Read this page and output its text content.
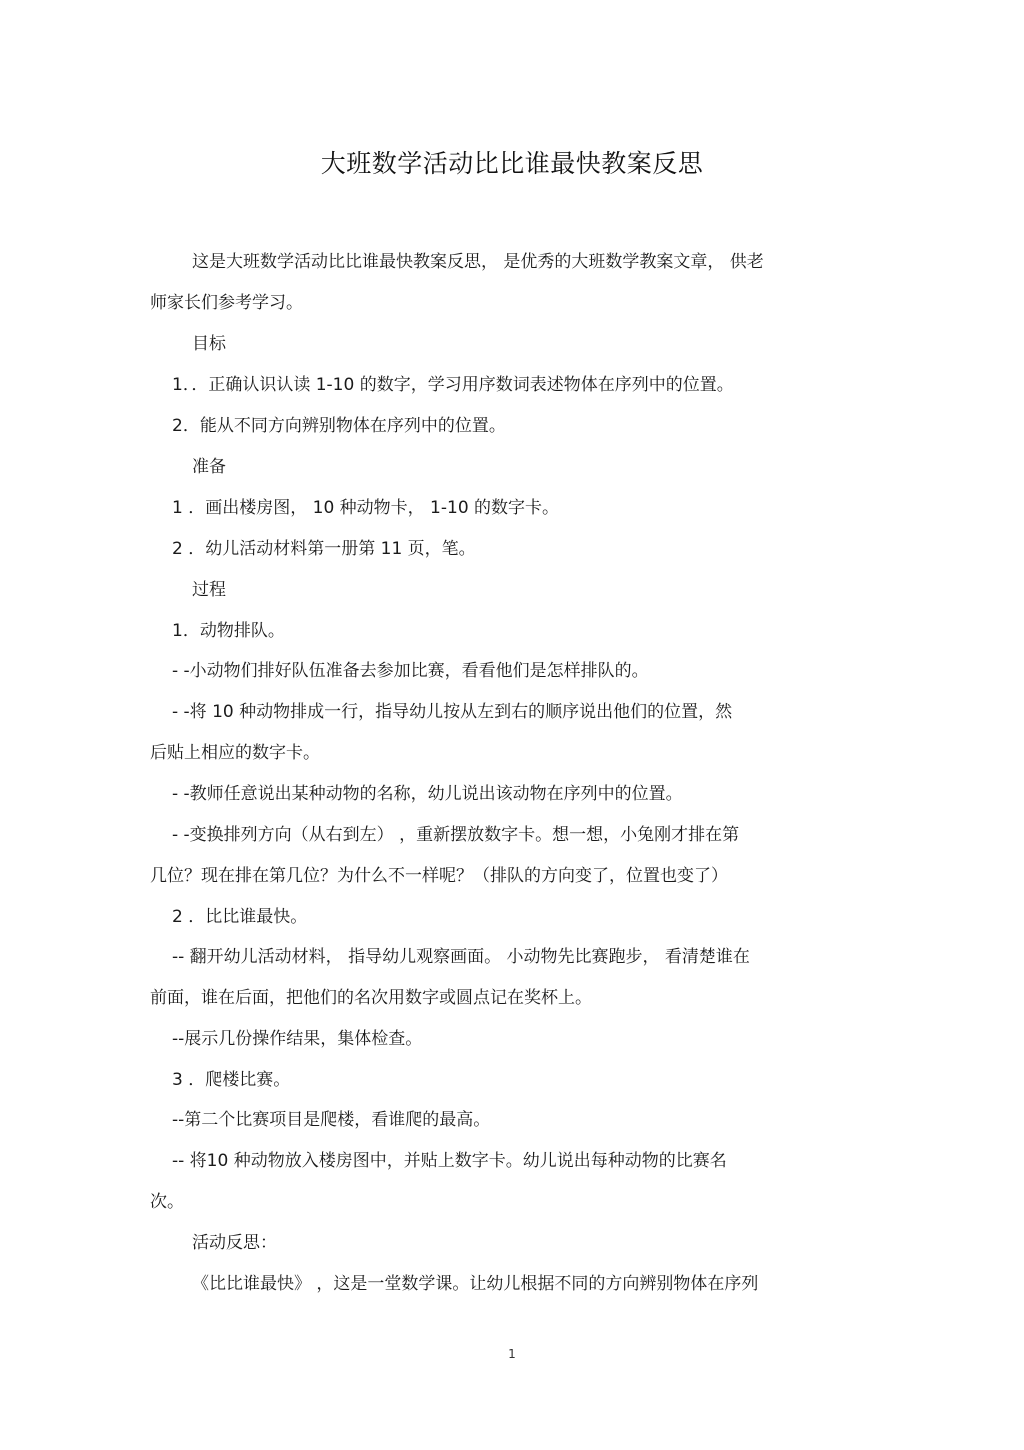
大班数学活动比比谁最快教案反思

这是大班数学活动比比谁最快教案反思， 是优秀的大班数学教案文章， 供老

师家长们参考学习。

目标

1．．正确认识认读 1-10 的数字，学习用序数词表述物体在序列中的位置。

2．能从不同方向辨别物体在序列中的位置。

准备

1 ．画出楼房图， 10 种动物卡， 1-10 的数字卡。

2 ．幼儿活动材料第一册第 11 页，笔。

过程

1．动物排队。

- -小动物们排好队伍准备去参加比赛，看看他们是怎样排队的。

- -将 10 种动物排成一行，指导幼儿按从左到右的顺序说出他们的位置，然

后贴上相应的数字卡。

- -教师任意说出某种动物的名称，幼儿说出该动物在序列中的位置。

- -变换排列方向（从右到左） ，重新摆放数字卡。想一想，小兔刚才排在第

几位？现在排在第几位？为什么不一样呢？（排队的方向变了，位置也变了）

2 ．比比谁最快。

-- 翻开幼儿活动材料， 指导幼儿观察画面。 小动物先比赛跑步， 看清楚谁在

前面，谁在后面，把他们的名次用数字或圆点记在奖杯上。

--展示几份操作结果，集体检查。

3 ．爬楼比赛。

--第二个比赛项目是爬楼，看谁爬的最高。

-- 将10 种动物放入楼房图中，并贴上数字卡。幼儿说出每种动物的比赛名

次。

活动反思：

《比比谁最快》 ，这是一堂数学课。让幼儿根据不同的方向辨别物体在序列

1
